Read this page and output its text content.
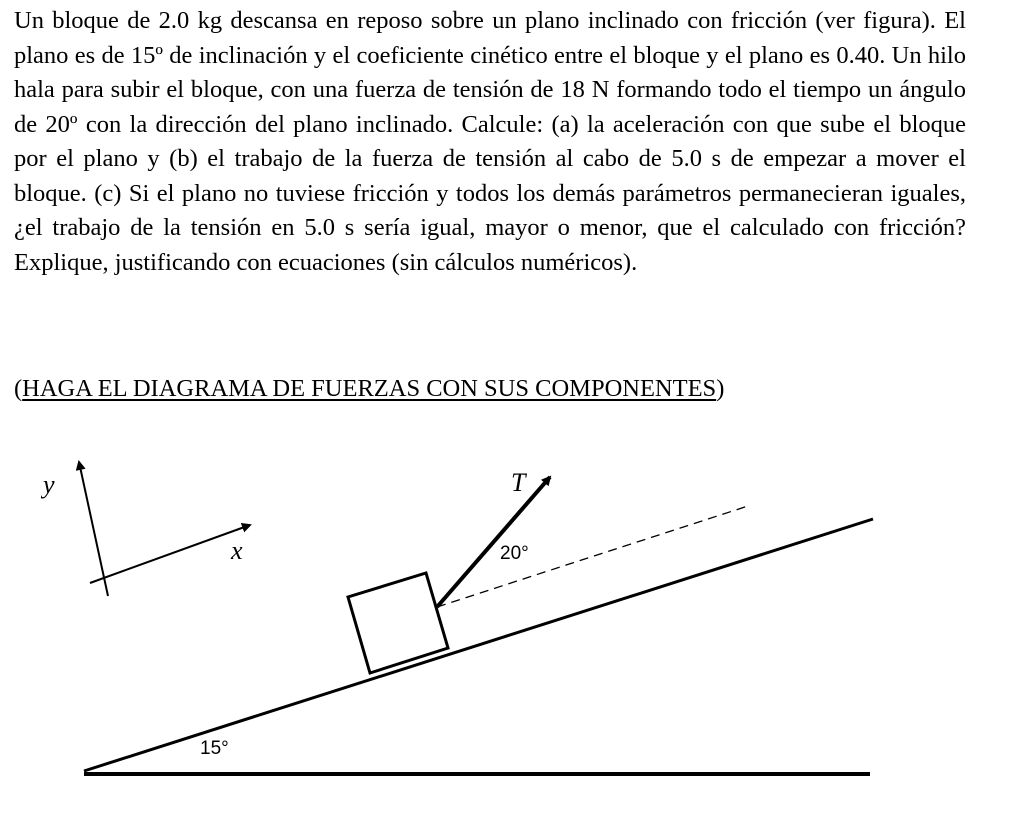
Un bloque de 2.0 kg descansa en reposo sobre un plano inclinado con fricción (ver figura). El plano es de 15º de inclinación y el coeficiente cinético entre el bloque y el plano es 0.40. Un hilo hala para subir el bloque, con una fuerza de tensión de 18 N formando todo el tiempo un ángulo de 20º con la dirección del plano inclinado. Calcule: (a) la aceleración con que sube el bloque por el plano y (b) el trabajo de la fuerza de tensión al cabo de 5.0 s de empezar a mover el bloque. (c) Si el plano no tuviese fricción y todos los demás parámetros permanecieran iguales, ¿el trabajo de la tensión en 5.0 s sería igual, mayor o menor, que el calculado con fricción? Explique, justificando con ecuaciones (sin cálculos numéricos).

(HAGA EL DIAGRAMA DE FUERZAS CON SUS COMPONENTES)
y
x
15°
T
20°
